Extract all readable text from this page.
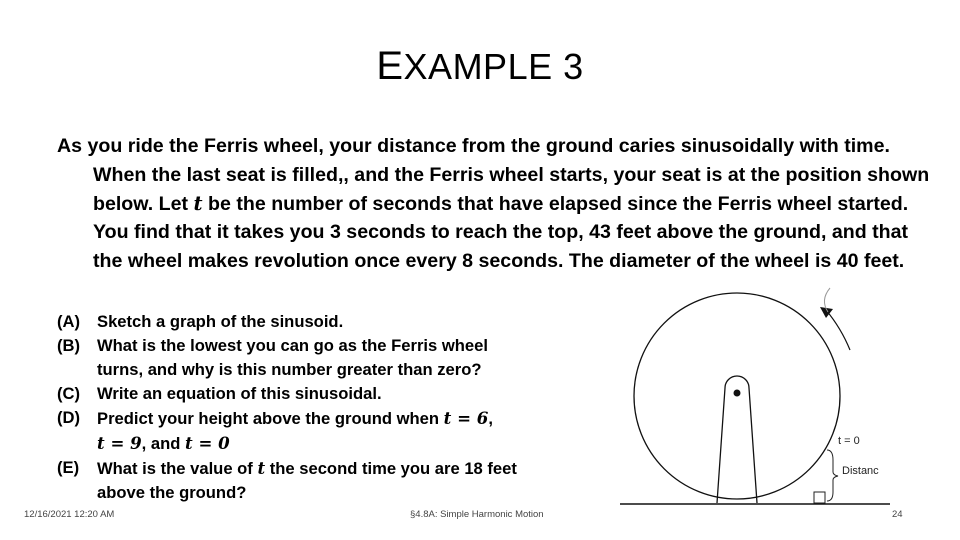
EXAMPLE 3
As you ride the Ferris wheel, your distance from the ground caries sinusoidally with time. When the last seat is filled,, and the Ferris wheel starts, your seat is at the position shown below. Let t be the number of seconds that have elapsed since the Ferris wheel started. You find that it takes you 3 seconds to reach the top, 43 feet above the ground, and that the wheel makes revolution once every 8 seconds. The diameter of the wheel is 40 feet.
(A)	Sketch a graph of the sinusoid.
(B)	What is the lowest you can go as the Ferris wheel turns, and why is this number greater than zero?
(C)	Write an equation of this sinusoidal.
(D)	Predict your height above the ground when t = 6,
t = 9, and t = 0
(E)	What is the value of t the second time you are 18 feet above the ground?
t = 0
Distanc
12/16/2021 12:20 AM	§4.8A: Simple Harmonic Motion	24
